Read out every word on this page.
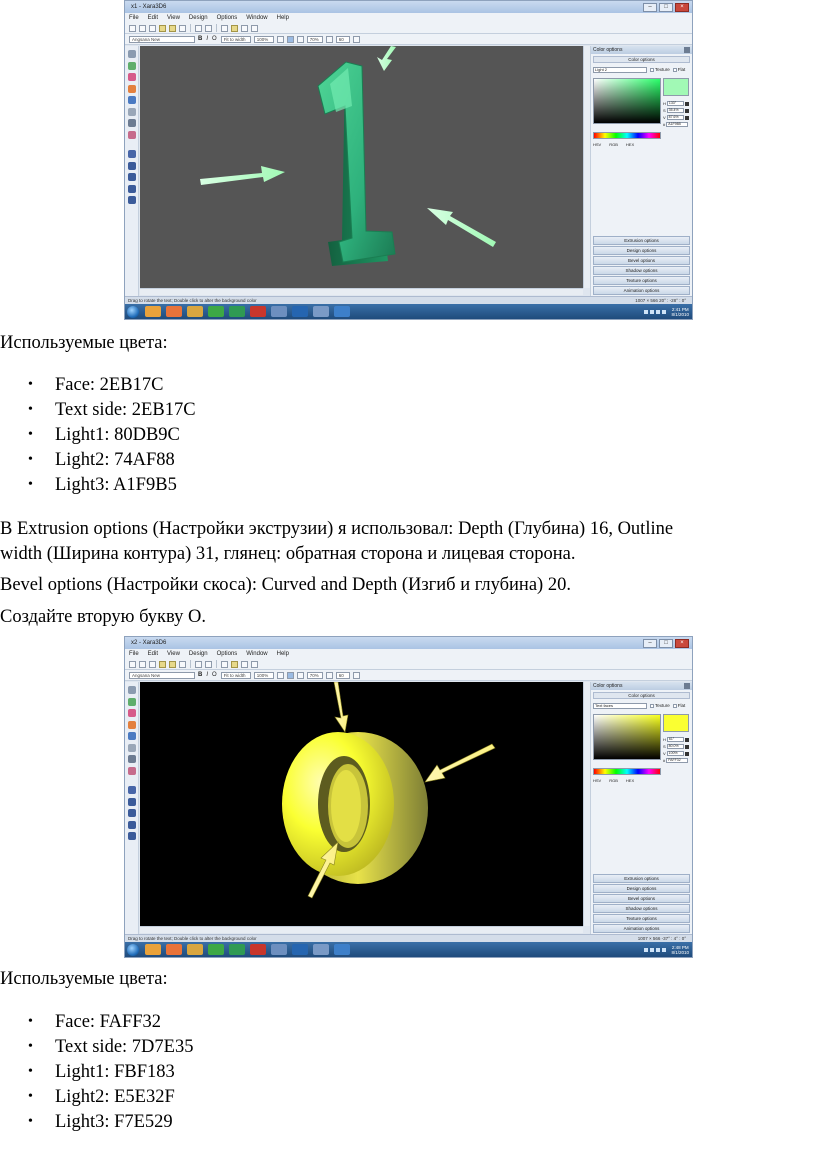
x1 - Xara3D6	–	□	×
File Edit View Design Options Window Help
Angsana New	B I O	Fit to width	100%	70%	60
Color options
Color options
Light 2	Texture Flat
H 133°
S 35.4%
V 87.6%
# A1F9B5
HSV RGB HEX
Extrusion options
Design options
Bevel options
Shadow options
Texture options
Animation options
Drag to rotate the text; Double click to alter the background color	1007 × 566 20° : -28° : 0°
2:41 PM
8/1/2010
Используемые цвета:
• Face: 2EB17C
• Text side: 2EB17C
• Light1: 80DB9C
• Light2: 74AF88
• Light3: A1F9B5
В Extrusion options (Настройки экструзии) я использовал: Depth (Глубина) 16, Outline
width (Ширина контура) 31, глянец: обратная сторона и лицевая сторона.
Bevel options (Настройки скоса): Curved and Depth (Изгиб и глубина) 20.
Создайте вторую букву О.
x2 - Xara3D6	–	□	×
File Edit View Design Options Window Help
Angsana New	B I O	Fit to width	100%	70%	60
Color options
Color options
Text faces	Texture Flat
H 61°
S 80.0%
V 100%
# FAFF32
HSV RGB HEX
Extrusion options
Design options
Bevel options
Shadow options
Texture options
Animation options
Drag to rotate the text; Double click to alter the background color	1007 × 566 -37° : 4° : 0°
2:48 PM
8/1/2010
Используемые цвета:
• Face: FAFF32
• Text side: 7D7E35
• Light1: FBF183
• Light2: E5E32F
• Light3: F7E529
